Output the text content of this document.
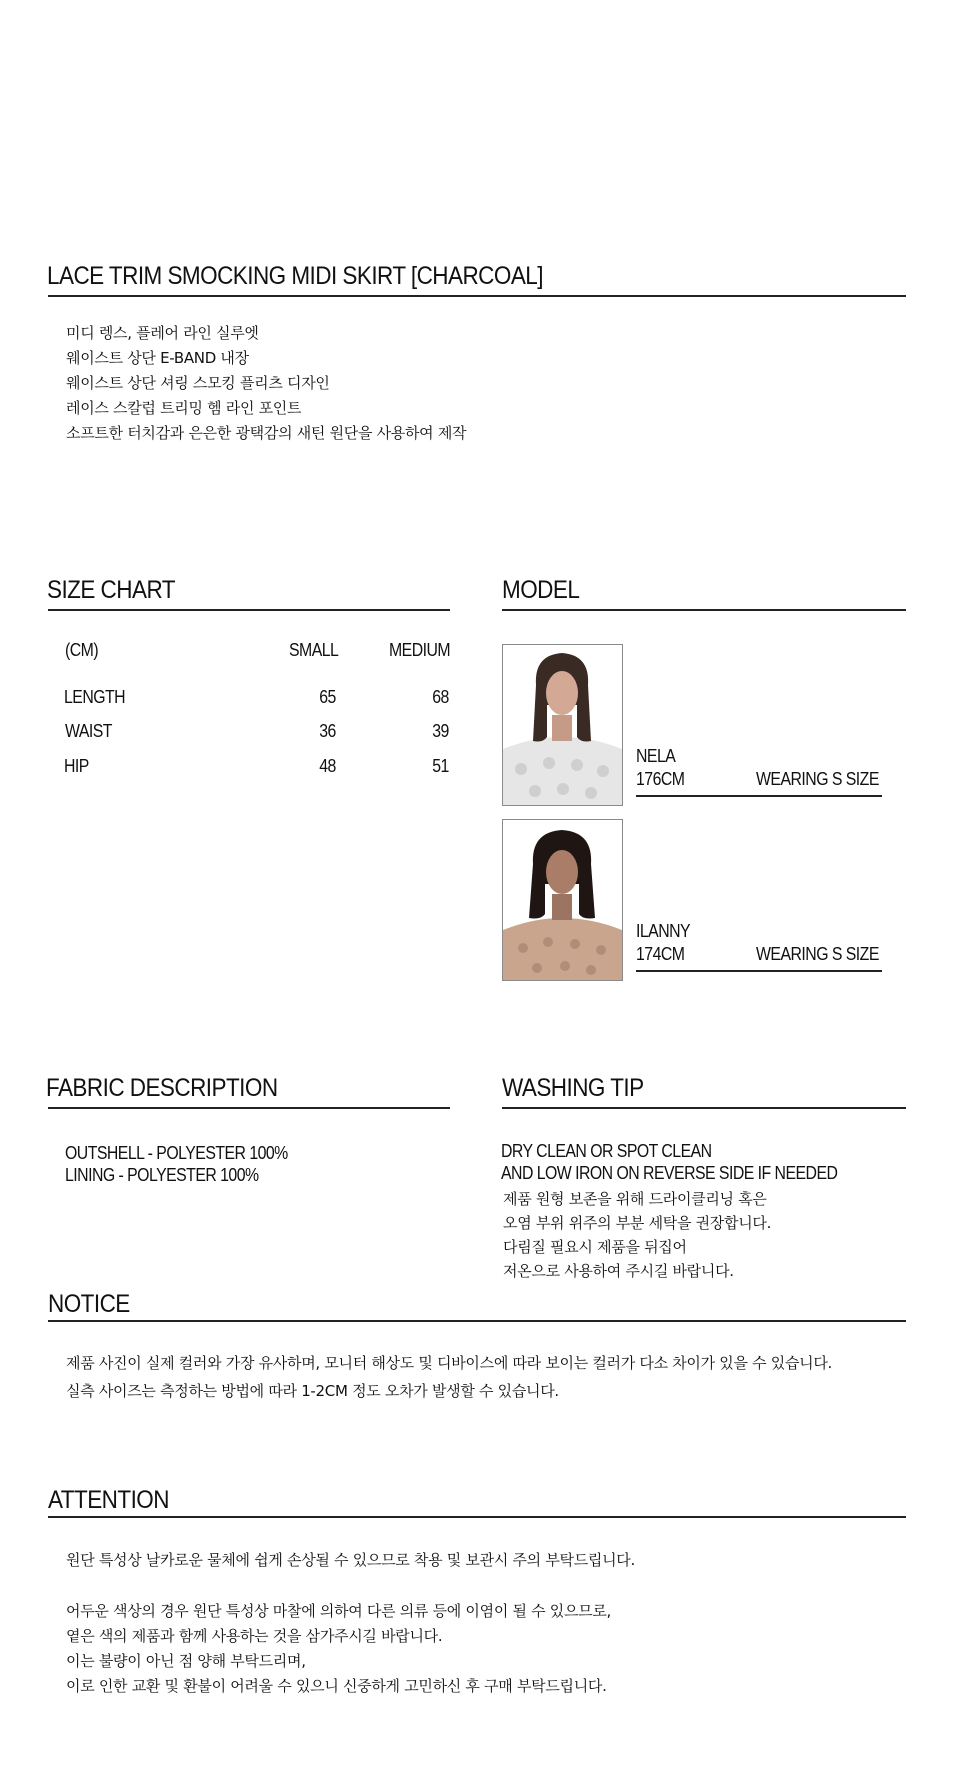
LACE TRIM SMOCKING MIDI SKIRT [CHARCOAL]
미디 렝스, 플레어 라인 실루엣
웨이스트 상단 E-BAND 내장
웨이스트 상단 셔링 스모킹 플리츠 디자인
레이스 스칼럽 트리밍 헴 라인 포인트
소프트한 터치감과 은은한 광택감의 새틴 원단을 사용하여 제작
SIZE CHART
(CM)	SMALL	MEDIUM
LENGTH	65	68
WAIST	36	39
HIP	48	51
MODEL
NELA
176CM	WEARING S SIZE
ILANNY
174CM	WEARING S SIZE
FABRIC DESCRIPTION
OUTSHELL - POLYESTER 100%
LINING - POLYESTER 100%
WASHING TIP
DRY CLEAN OR SPOT CLEAN
AND LOW IRON ON REVERSE SIDE IF NEEDED
제품 원형 보존을 위해 드라이클리닝 혹은
오염 부위 위주의 부분 세탁을 권장합니다.
다림질 필요시 제품을 뒤집어
저온으로 사용하여 주시길 바랍니다.
NOTICE
제품 사진이 실제 컬러와 가장 유사하며, 모니터 해상도 및 디바이스에 따라 보이는 컬러가 다소 차이가 있을 수 있습니다.
실측 사이즈는 측정하는 방법에 따라 1-2CM 정도 오차가 발생할 수 있습니다.
ATTENTION
원단 특성상 날카로운 물체에 쉽게 손상될 수 있으므로 착용 및 보관시 주의 부탁드립니다.
어두운 색상의 경우 원단 특성상 마찰에 의하여 다른 의류 등에 이염이 될 수 있으므로,
옅은 색의 제품과 함께 사용하는 것을 삼가주시길 바랍니다.
이는 불량이 아닌 점 양해 부탁드리며,
이로 인한 교환 및 환불이 어려울 수 있으니 신중하게 고민하신 후 구매 부탁드립니다.
